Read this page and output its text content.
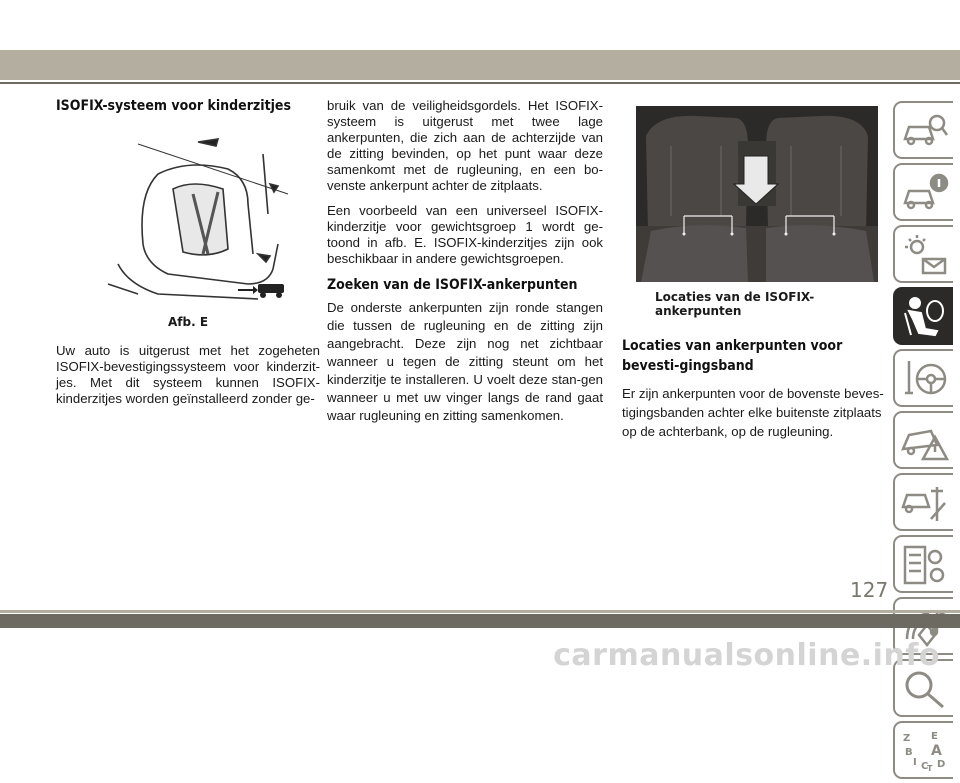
ISOFIX-systeem voor kinderzitjes
Afb. E

Uw auto is uitgerust met het zogeheten ISOFIX-bevestigingssysteem voor kinderzit-jes. Met dit systeem kunnen ISOFIX-kinderzitjes worden geïnstalleerd zonder ge-

bruik van de veiligheidsgordels. Het ISOFIX-systeem is uitgerust met twee lage ankerpunten, die zich aan de achterzijde van de zitting bevinden, op het punt waar deze samenkomt met de rugleuning, en een bo-venste ankerpunt achter de zitplaats.

Een voorbeeld van een universeel ISOFIX-kinderzitje voor gewichtsgroep 1 wordt ge-toond in afb. E. ISOFIX-kinderzitjes zijn ook beschikbaar in andere gewichtsgroepen.

Zoeken van de ISOFIX-ankerpunten

De onderste ankerpunten zijn ronde stangen die tussen de rugleuning en de zitting zijn aangebracht. Deze zijn nog net zichtbaar wanneer u tegen de zitting steunt om het kinderzitje te installeren. U voelt deze stan-gen wanneer u met uw vinger langs de rand gaat waar rugleuning en zitting samenkomen.

Locaties van de ISOFIX-ankerpunten
Locaties van ankerpunten voor bevesti-gingsband

Er zijn ankerpunten voor de bovenste beves-tigingsbanden achter elke buitenste zitplaats op de achterbank, op de rugleuning.

Z E
B A
I C D
T
127
carmanualsonline.info
